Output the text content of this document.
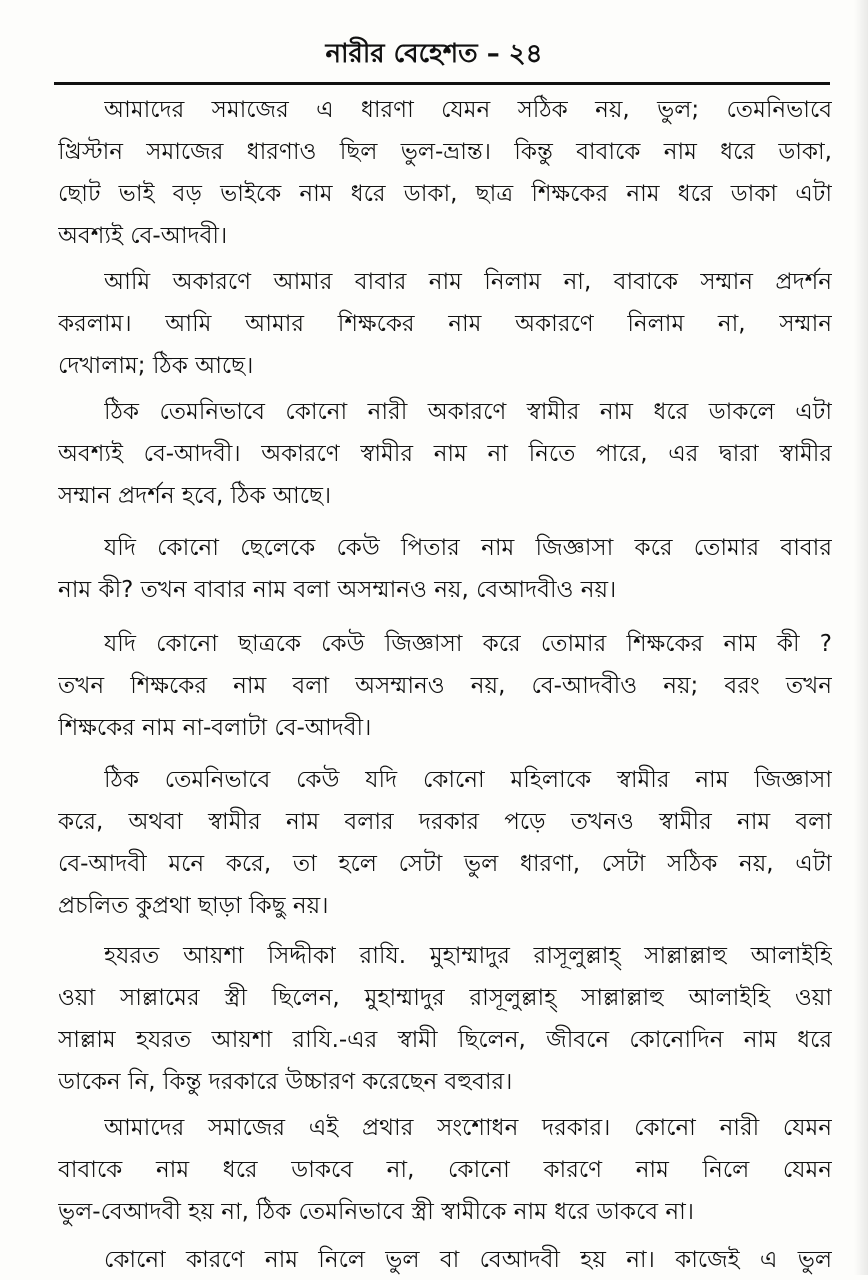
নারীর বেহেশত – ২৪
আমাদের সমাজের এ ধারণা যেমন সঠিক নয়, ভুল; তেমনিভাবে
খ্রিস্টান সমাজের ধারণাও ছিল ভুল-ভ্রান্ত। কিন্তু বাবাকে নাম ধরে ডাকা,
ছোট ভাই বড় ভাইকে নাম ধরে ডাকা, ছাত্র শিক্ষকের নাম ধরে ডাকা এটা
অবশ্যই বে-আদবী।
আমি অকারণে আমার বাবার নাম নিলাম না, বাবাকে সম্মান প্রদর্শন
করলাম। আমি আমার শিক্ষকের নাম অকারণে নিলাম না, সম্মান
দেখালাম; ঠিক আছে।
ঠিক তেমনিভাবে কোনো নারী অকারণে স্বামীর নাম ধরে ডাকলে এটা
অবশ্যই বে-আদবী। অকারণে স্বামীর নাম না নিতে পারে, এর দ্বারা স্বামীর
সম্মান প্রদর্শন হবে, ঠিক আছে।
যদি কোনো ছেলেকে কেউ পিতার নাম জিজ্ঞাসা করে তোমার বাবার
নাম কী? তখন বাবার নাম বলা অসম্মানও নয়, বেআদবীও নয়।
যদি কোনো ছাত্রকে কেউ জিজ্ঞাসা করে তোমার শিক্ষকের নাম কী ?
তখন শিক্ষকের নাম বলা অসম্মানও নয়, বে-আদবীও নয়; বরং তখন
শিক্ষকের নাম না-বলাটা বে-আদবী।
ঠিক তেমনিভাবে কেউ যদি কোনো মহিলাকে স্বামীর নাম জিজ্ঞাসা
করে, অথবা স্বামীর নাম বলার দরকার পড়ে তখনও স্বামীর নাম বলা
বে-আদবী মনে করে, তা হলে সেটা ভুল ধারণা, সেটা সঠিক নয়, এটা
প্রচলিত কুপ্রথা ছাড়া কিছু নয়।
হযরত আয়শা সিদ্দীকা রাযি. মুহাম্মাদুর রাসূলুল্লাহ্ সাল্লাল্লাহু আলাইহি
ওয়া সাল্লামের স্ত্রী ছিলেন, মুহাম্মাদুর রাসূলুল্লাহ্ সাল্লাল্লাহু আলাইহি ওয়া
সাল্লাম হযরত আয়শা রাযি.-এর স্বামী ছিলেন, জীবনে কোনোদিন নাম ধরে
ডাকেন নি, কিন্তু দরকারে উচ্চারণ করেছেন বহুবার।
আমাদের সমাজের এই প্রথার সংশোধন দরকার। কোনো নারী যেমন
বাবাকে নাম ধরে ডাকবে না, কোনো কারণে নাম নিলে যেমন
ভুল-বেআদবী হয় না, ঠিক তেমনিভাবে স্ত্রী স্বামীকে নাম ধরে ডাকবে না।
কোনো কারণে নাম নিলে ভুল বা বেআদবী হয় না। কাজেই এ ভুল
